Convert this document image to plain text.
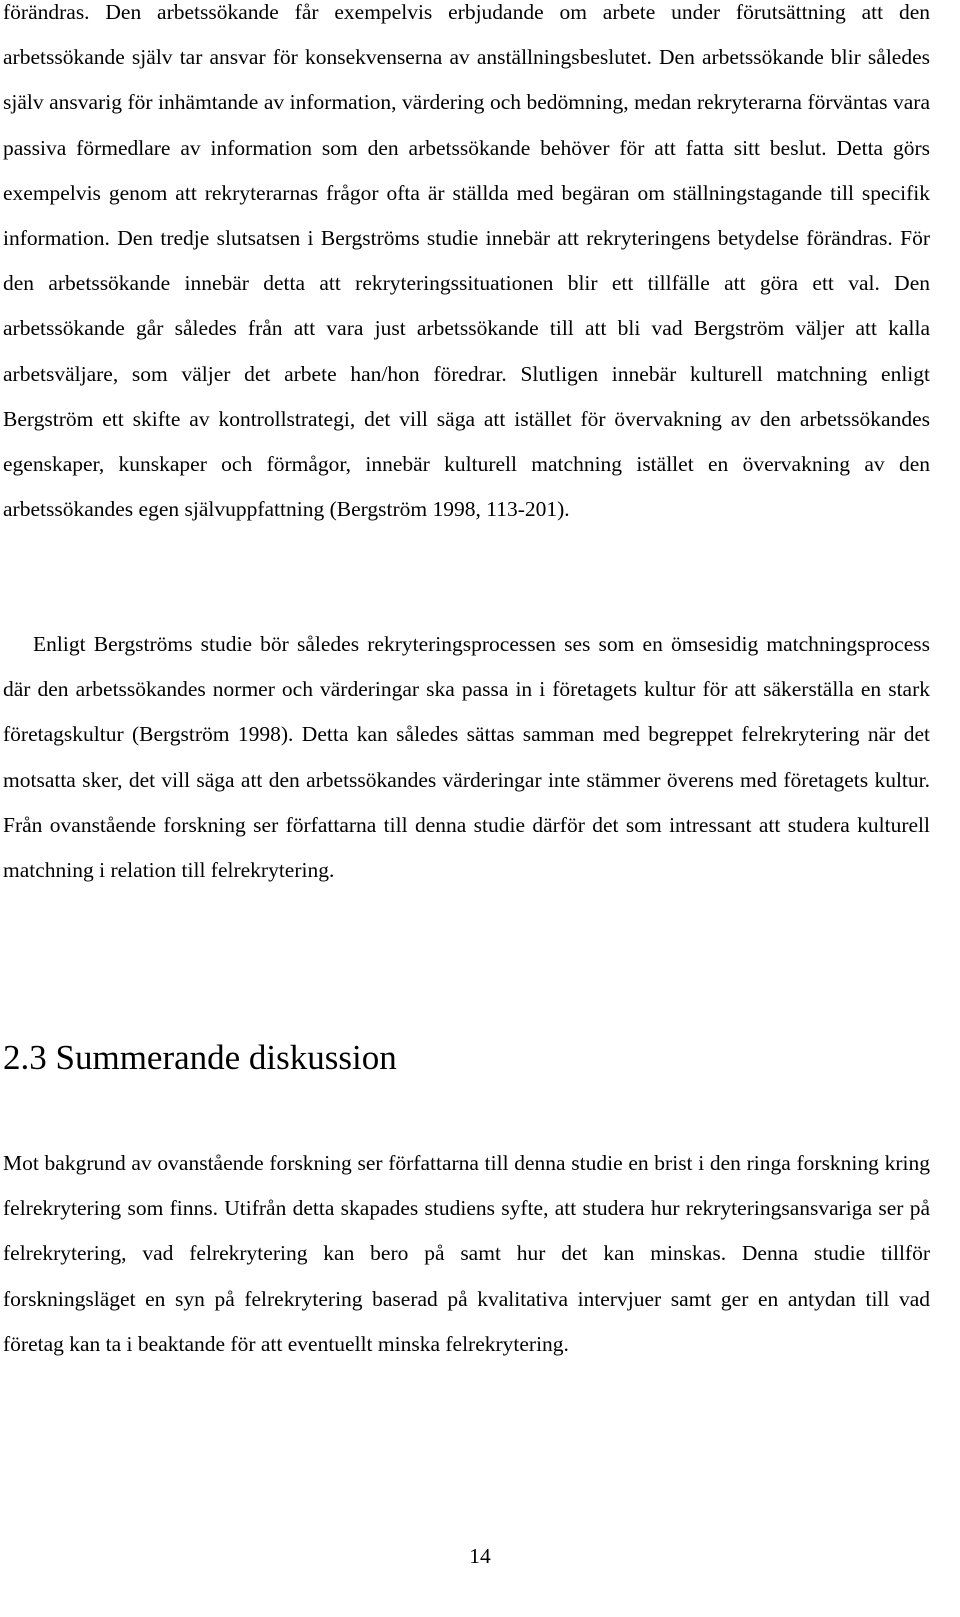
förändras. Den arbetssökande får exempelvis erbjudande om arbete under förutsättning att den arbetssökande själv tar ansvar för konsekvenserna av anställningsbeslutet. Den arbetssökande blir således själv ansvarig för inhämtande av information, värdering och bedömning, medan rekryterarna förväntas vara passiva förmedlare av information som den arbetssökande behöver för att fatta sitt beslut. Detta görs exempelvis genom att rekryterarnas frågor ofta är ställda med begäran om ställningstagande till specifik information. Den tredje slutsatsen i Bergströms studie innebär att rekryteringens betydelse förändras. För den arbetssökande innebär detta att rekryteringssituationen blir ett tillfälle att göra ett val. Den arbetssökande går således från att vara just arbetssökande till att bli vad Bergström väljer att kalla arbetsväljare, som väljer det arbete han/hon föredrar. Slutligen innebär kulturell matchning enligt Bergström ett skifte av kontrollstrategi, det vill säga att istället för övervakning av den arbetssökandes egenskaper, kunskaper och förmågor, innebär kulturell matchning istället en övervakning av den arbetssökandes egen självuppfattning (Bergström 1998, 113-201).

Enligt Bergströms studie bör således rekryteringsprocessen ses som en ömsesidig matchningsprocess där den arbetssökandes normer och värderingar ska passa in i företagets kultur för att säkerställa en stark företagskultur (Bergström 1998). Detta kan således sättas samman med begreppet felrekrytering när det motsatta sker, det vill säga att den arbetssökandes värderingar inte stämmer överens med företagets kultur. Från ovanstående forskning ser författarna till denna studie därför det som intressant att studera kulturell matchning i relation till felrekrytering.

2.3 Summerande diskussion

Mot bakgrund av ovanstående forskning ser författarna till denna studie en brist i den ringa forskning kring felrekrytering som finns. Utifrån detta skapades studiens syfte, att studera hur rekryteringsansvariga ser på felrekrytering, vad felrekrytering kan bero på samt hur det kan minskas. Denna studie tillför forskningsläget en syn på felrekrytering baserad på kvalitativa intervjuer samt ger en antydan till vad företag kan ta i beaktande för att eventuellt minska felrekrytering.

14
